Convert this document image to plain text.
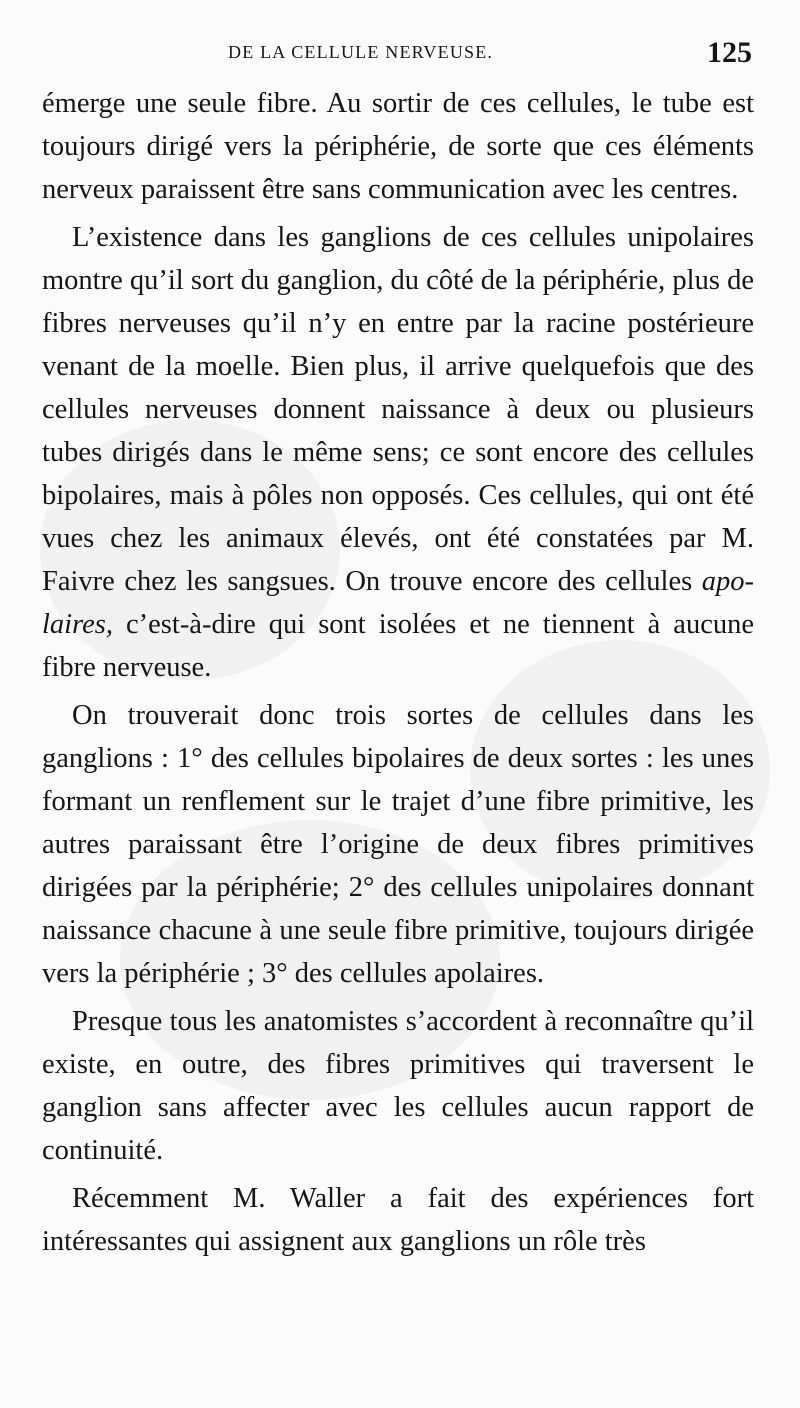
DE LA CELLULE NERVEUSE.	125

émerge une seule fibre. Au sortir de ces cellules, le tube est toujours dirigé vers la périphérie, de sorte que ces éléments nerveux paraissent être sans communication avec les centres.

L’existence dans les ganglions de ces cellules unipolaires montre qu’il sort du ganglion, du côté de la périphérie, plus de fibres nerveuses qu’il n’y en entre par la racine postérieure venant de la moelle. Bien plus, il arrive quelquefois que des cellules nerveuses donnent naissance à deux ou plusieurs tubes dirigés dans le même sens; ce sont encore des cellules bipolaires, mais à pôles non opposés. Ces cellules, qui ont été vues chez les animaux élevés, ont été constatées par M. Faivre chez les sangsues. On trouve encore des cellules apolaires, c’est-à-dire qui sont isolées et ne tiennent à aucune fibre nerveuse.

On trouverait donc trois sortes de cellules dans les ganglions : 1° des cellules bipolaires de deux sortes : les unes formant un renflement sur le trajet d’une fibre primitive, les autres paraissant être l’origine de deux fibres primitives dirigées par la périphérie; 2° des cellules unipolaires donnant naissance chacune à une seule fibre primitive, toujours dirigée vers la périphérie ; 3° des cellules apolaires.

Presque tous les anatomistes s’accordent à reconnaître qu’il existe, en outre, des fibres primitives qui traversent le ganglion sans affecter avec les cellules aucun rapport de continuité.

Récemment M. Waller a fait des expériences fort intéressantes qui assignent aux ganglions un rôle très
